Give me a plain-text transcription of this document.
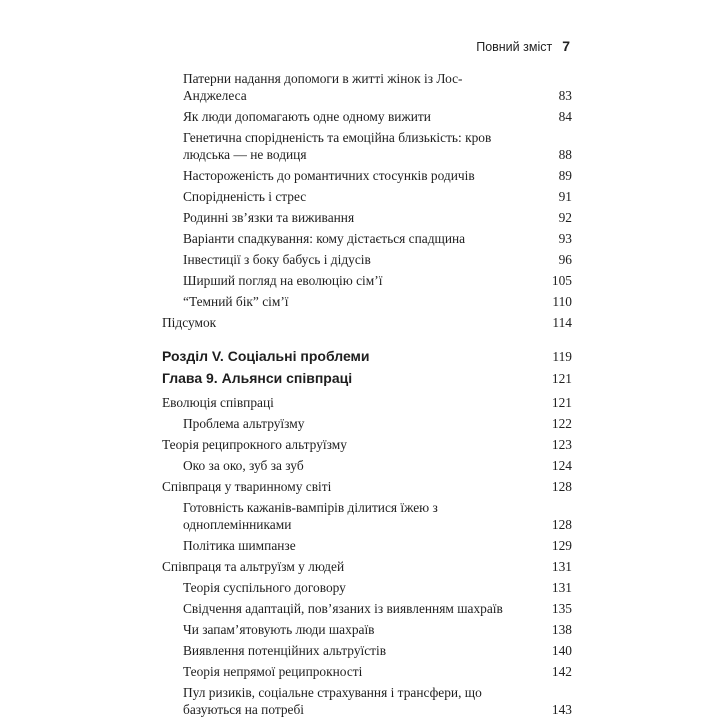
Повний зміст 7
Патерни надання допомоги в житті жінок із Лос-Анджелеса	83
Як люди допомагають одне одному вижити	84
Генетична спорідненість та емоційна близькість: кров людська — не водиця	88
Настороженість до романтичних стосунків родичів	89
Спорідненість і стрес	91
Родинні зв’язки та виживання	92
Варіанти спадкування: кому дістається спадщина	93
Інвестиції з боку бабусь і дідусів	96
Ширший погляд на еволюцію сім’ї	105
“Темний бік” сім’ї	110
Підсумок	114
Розділ V. Соціальні проблеми	119
Глава 9. Альянси співпраці	121
Еволюція співпраці	121
Проблема альтруїзму	122
Теорія реципрокного альтруїзму	123
Око за око, зуб за зуб	124
Співпраця у тваринному світі	128
Готовність кажанів-вампірів ділитися їжею з одноплемінниками	128
Політика шимпанзе	129
Співпраця та альтруїзм у людей	131
Теорія суспільного договору	131
Свідчення адаптацій, пов’язаних із виявленням шахраїв	135
Чи запам’ятовують люди шахраїв	138
Виявлення потенційних альтруїстів	140
Теорія непрямої реципрокності	142
Пул ризиків, соціальне страхування і трансфери, що базуються на потребі	143
